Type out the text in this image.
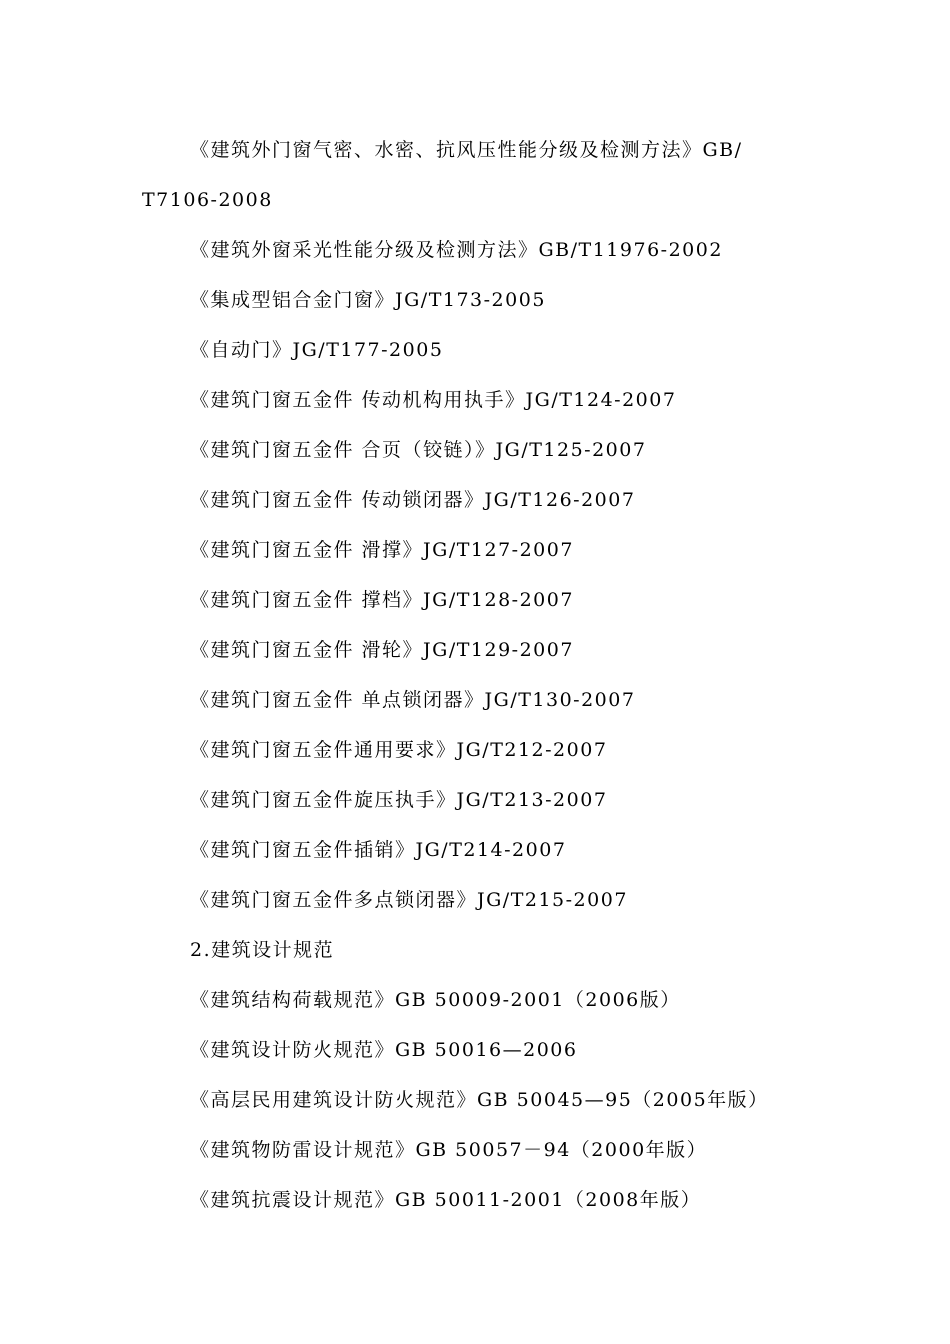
《建筑外门窗气密、水密、抗风压性能分级及检测方法》GB/
T7106-2008
《建筑外窗采光性能分级及检测方法》GB/T11976-2002
《集成型铝合金门窗》JG/T173-2005
《自动门》JG/T177-2005
《建筑门窗五金件 传动机构用执手》JG/T124-2007
《建筑门窗五金件 合页（铰链）》JG/T125-2007
《建筑门窗五金件 传动锁闭器》JG/T126-2007
《建筑门窗五金件 滑撑》JG/T127-2007
《建筑门窗五金件 撑档》JG/T128-2007
《建筑门窗五金件 滑轮》JG/T129-2007
《建筑门窗五金件 单点锁闭器》JG/T130-2007
《建筑门窗五金件通用要求》JG/T212-2007
《建筑门窗五金件旋压执手》JG/T213-2007
《建筑门窗五金件插销》JG/T214-2007
《建筑门窗五金件多点锁闭器》JG/T215-2007
2.建筑设计规范
《建筑结构荷载规范》GB 50009-2001（2006版）
《建筑设计防火规范》GB 50016—2006
《高层民用建筑设计防火规范》GB 50045—95（2005年版）
《建筑物防雷设计规范》GB 50057－94（2000年版）
《建筑抗震设计规范》GB 50011-2001（2008年版）
